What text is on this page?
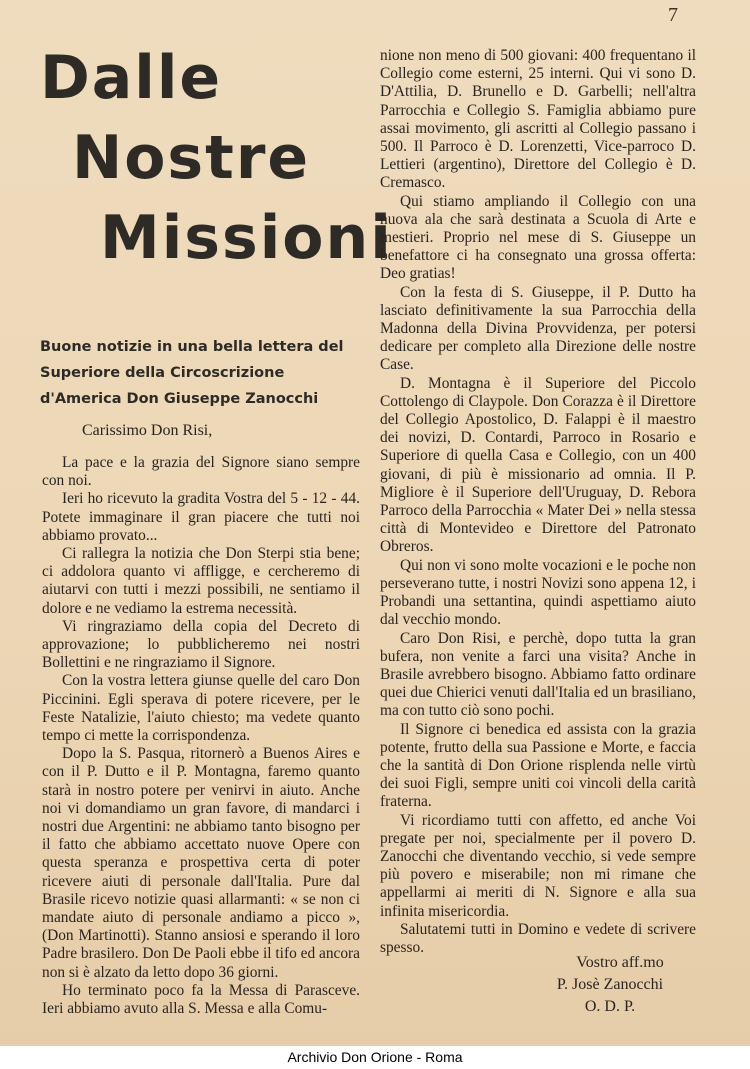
7
Dalle
Nostre
Missioni
Buone notizie in una bella lettera del Superiore della Circoscrizione d'America Don Giuseppe Zanocchi
Carissimo Don Risi,

La pace e la grazia del Signore siano sempre con noi.

Ieri ho ricevuto la gradita Vostra del 5 - 12 - 44. Potete immaginare il gran piacere che tutti noi abbiamo provato...

Ci rallegra la notizia che Don Sterpi stia bene; ci addolora quanto vi affligge, e cercheremo di aiutarvi con tutti i mezzi possibili, ne sentiamo il dolore e ne vediamo la estrema necessità.

Vi ringraziamo della copia del Decreto di approvazione; lo pubblicheremo nei nostri Bollettini e ne ringraziamo il Signore.

Con la vostra lettera giunse quelle del caro Don Piccinini. Egli sperava di potere ricevere, per le Feste Natalizie, l'aiuto chiesto; ma vedete quanto tempo ci mette la corrispondenza.

Dopo la S. Pasqua, ritornerò a Buenos Aires e con il P. Dutto e il P. Montagna, faremo quanto starà in nostro potere per venirvi in aiuto. Anche noi vi domandiamo un gran favore, di mandarci i nostri due Argentini: ne abbiamo tanto bisogno per il fatto che abbiamo accettato nuove Opere con questa speranza e prospettiva certa di poter ricevere aiuti di personale dall'Italia. Pure dal Brasile ricevo notizie quasi allarmanti: « se non ci mandate aiuto di personale andiamo a picco », (Don Martinotti). Stanno ansiosi e sperando il loro Padre brasilero. Don De Paoli ebbe il tifo ed ancora non si è alzato da letto dopo 36 giorni.

Ho terminato poco fa la Messa di Parasceve. Ieri abbiamo avuto alla S. Messa e alla Comu-

nione non meno di 500 giovani: 400 frequentano il Collegio come esterni, 25 interni. Qui vi sono D. D'Attilia, D. Brunello e D. Garbelli; nell'altra Parrocchia e Collegio S. Famiglia abbiamo pure assai movimento, gli ascritti al Collegio passano i 500. Il Parroco è D. Lorenzetti, Vice-parroco D. Lettieri (argentino), Direttore del Collegio è D. Cremasco.

Qui stiamo ampliando il Collegio con una nuova ala che sarà destinata a Scuola di Arte e mestieri. Proprio nel mese di S. Giuseppe un benefattore ci ha consegnato una grossa offerta: Deo gratias!

Con la festa di S. Giuseppe, il P. Dutto ha lasciato definitivamente la sua Parrocchia della Madonna della Divina Provvidenza, per potersi dedicare per completo alla Direzione delle nostre Case.

D. Montagna è il Superiore del Piccolo Cottolengo di Claypole. Don Corazza è il Direttore del Collegio Apostolico, D. Falappi è il maestro dei novizi, D. Contardi, Parroco in Rosario e Superiore di quella Casa e Collegio, con un 400 giovani, di più è missionario ad omnia. Il P. Migliore è il Superiore dell'Uruguay, D. Rebora Parroco della Parrocchia « Mater Dei » nella stessa città di Montevideo e Direttore del Patronato Obreros.

Qui non vi sono molte vocazioni e le poche non perseverano tutte, i nostri Novizi sono appena 12, i Probandi una settantina, quindi aspettiamo aiuto dal vecchio mondo.

Caro Don Risi, e perchè, dopo tutta la gran bufera, non venite a farci una visita? Anche in Brasile avrebbero bisogno. Abbiamo fatto ordinare quei due Chierici venuti dall'Italia ed un brasiliano, ma con tutto ciò sono pochi.

Il Signore ci benedica ed assista con la grazia potente, frutto della sua Passione e Morte, e faccia che la santità di Don Orione risplenda nelle virtù dei suoi Figli, sempre uniti coi vincoli della carità fraterna.

Vi ricordiamo tutti con affetto, ed anche Voi pregate per noi, specialmente per il povero D. Zanocchi che diventando vecchio, si vede sempre più povero e miserabile; non mi rimane che appellarmi ai meriti di N. Signore e alla sua infinita misericordia.

Salutatemi tutti in Domino e vedete di scrivere spesso.

Vostro aff.mo
P. Josè Zanocchi
O. D. P.
Archivio Don Orione - Roma
